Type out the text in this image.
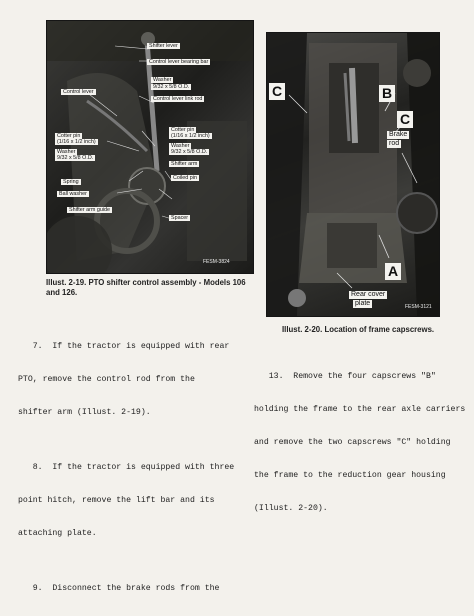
Shifter lever
Control lever bearing bar
Washer
9/32 x 5/8 O.D.
Control lever link rod
Control lever
Cotter pin
(1/16 x 1/2 inch)
Washer
9/32 x 5/8 O.D.
Cotter pin
(1/16 x 1/2 inch)
Washer
9/32 x 5/8 O.D.
Shifter arm
Coiled pin
Spring
Ball washer
Shifter arm guide
Spacer
FESM-3824
Illust. 2-19. PTO shifter control assembly - Models 106
and 126.
C	B
C
Brake
rod
A
Rear cover
plate	FESM-3121
Illust. 2-20. Location of frame capscrews.

7.  If the tractor is equipped with rear

PTO, remove the control rod from the

shifter arm (Illust. 2-19).

8.  If the tractor is equipped with three

point hitch, remove the lift bar and its

attaching plate.

9.  Disconnect the brake rods from the

13.  Remove the four capscrews "B"

holding the frame to the rear axle carriers

and remove the two capscrews "C" holding

the frame to the reduction gear housing

(Illust. 2-20).
